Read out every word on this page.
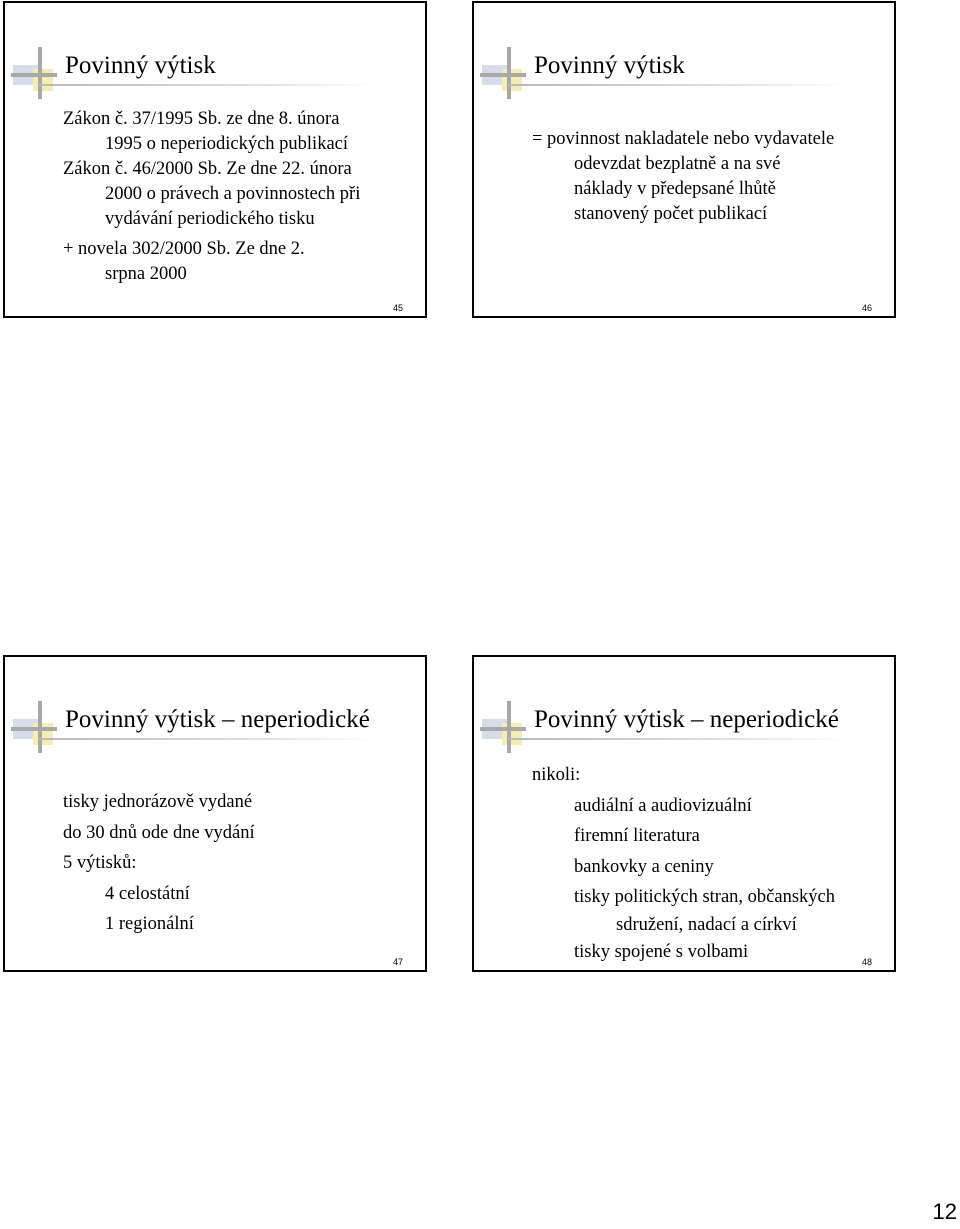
Povinný výtisk
Zákon č. 37/1995 Sb. ze dne 8. února
1995 o neperiodických publikací
Zákon č. 46/2000 Sb. Ze dne 22. února
2000 o právech a povinnostech při
vydávání periodického tisku
+ novela 302/2000 Sb. Ze dne 2.
srpna 2000
45
Povinný výtisk
= povinnost nakladatele nebo vydavatele
odevzdat bezplatně a na své
náklady v předepsané lhůtě
stanovený počet publikací
46
Povinný výtisk – neperiodické
tisky jednorázově vydané
do 30 dnů ode dne vydání
5 výtisků:
4 celostátní
1 regionální
47
Povinný výtisk – neperiodické
nikoli:
audiální a audiovizuální
firemní literatura
bankovky a ceniny
tisky politických stran, občanských
sdružení, nadací a církví
tisky spojené s volbami
48
12
